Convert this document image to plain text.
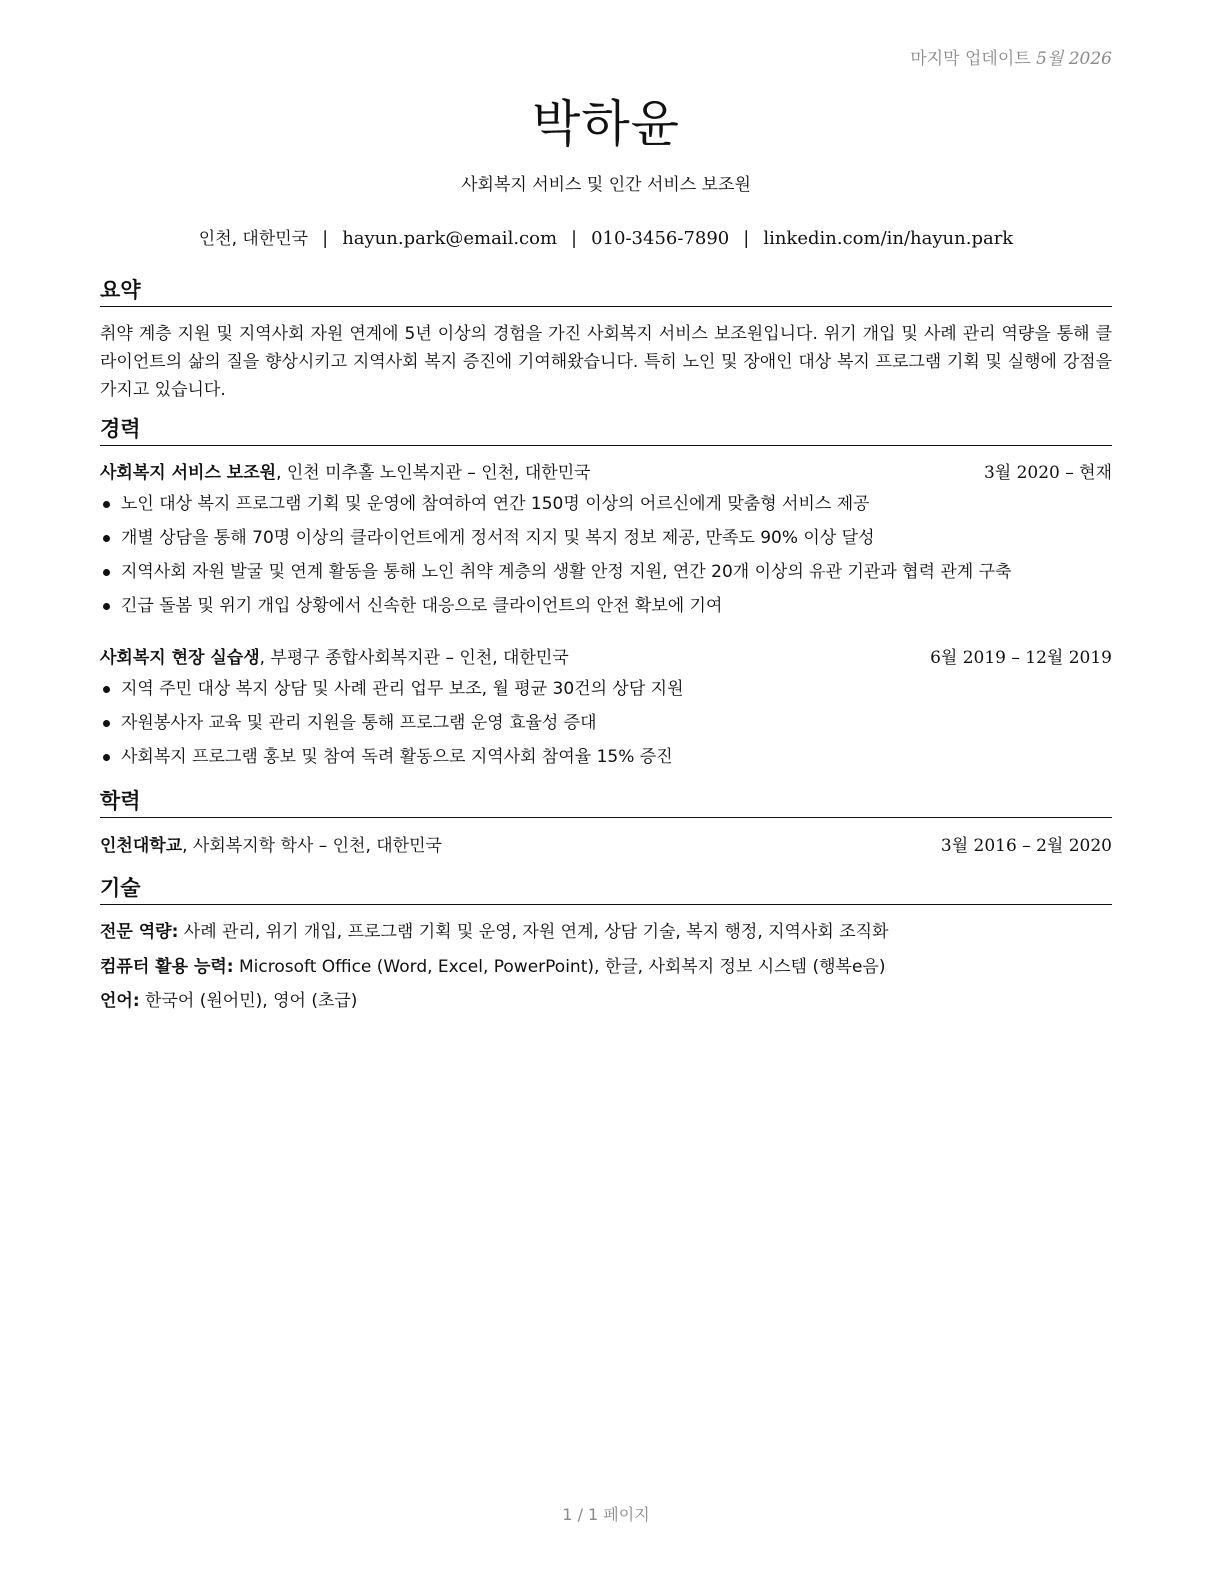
마지막 업데이트 5월 2026
박하윤
사회복지 서비스 및 인간 서비스 보조원
인천, 대한민국 | hayun.park@email.com | 010-3456-7890 | linkedin.com/in/hayun.park
요약

취약 계층 지원 및 지역사회 자원 연계에 5년 이상의 경험을 가진 사회복지 서비스 보조원입니다. 위기 개입 및 사례 관리 역량을 통해 클라이언트의 삶의 질을 향상시키고 지역사회 복지 증진에 기여해왔습니다. 특히 노인 및 장애인 대상 복지 프로그램 기획 및 실행에 강점을 가지고 있습니다.

경력
사회복지 서비스 보조원, 인천 미추홀 노인복지관 – 인천, 대한민국	3월 2020 – 현재
노인 대상 복지 프로그램 기획 및 운영에 참여하여 연간 150명 이상의 어르신에게 맞춤형 서비스 제공
개별 상담을 통해 70명 이상의 클라이언트에게 정서적 지지 및 복지 정보 제공, 만족도 90% 이상 달성
지역사회 자원 발굴 및 연계 활동을 통해 노인 취약 계층의 생활 안정 지원, 연간 20개 이상의 유관 기관과 협력 관계 구축
긴급 돌봄 및 위기 개입 상황에서 신속한 대응으로 클라이언트의 안전 확보에 기여
사회복지 현장 실습생, 부평구 종합사회복지관 – 인천, 대한민국	6월 2019 – 12월 2019
지역 주민 대상 복지 상담 및 사례 관리 업무 보조, 월 평균 30건의 상담 지원
자원봉사자 교육 및 관리 지원을 통해 프로그램 운영 효율성 증대
사회복지 프로그램 홍보 및 참여 독려 활동으로 지역사회 참여율 15% 증진
학력
인천대학교, 사회복지학 학사 – 인천, 대한민국	3월 2016 – 2월 2020
기술
전문 역량: 사례 관리, 위기 개입, 프로그램 기획 및 운영, 자원 연계, 상담 기술, 복지 행정, 지역사회 조직화
컴퓨터 활용 능력: Microsoft Office (Word, Excel, PowerPoint), 한글, 사회복지 정보 시스템 (행복e음)
언어: 한국어 (원어민), 영어 (초급)
1 / 1 페이지
